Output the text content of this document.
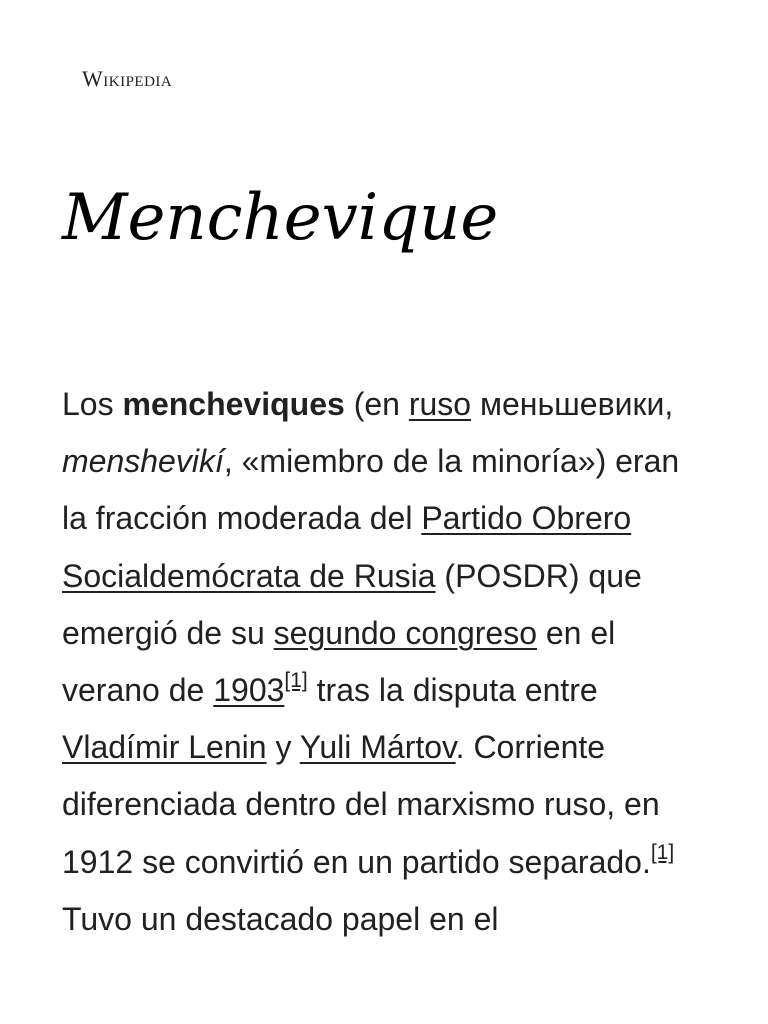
Wikipedia
Menchevique

Los mencheviques (en ruso меньшевики, menshevikí, «miembro de la minoría») eran la fracción moderada del Partido Obrero Socialdemócrata de Rusia (POSDR) que emergió de su segundo congreso en el verano de 1903[1] tras la disputa entre Vladímir Lenin y Yuli Mártov. Corriente diferenciada dentro del marxismo ruso, en 1912 se convirtió en un partido separado.[1] Tuvo un destacado papel en el
